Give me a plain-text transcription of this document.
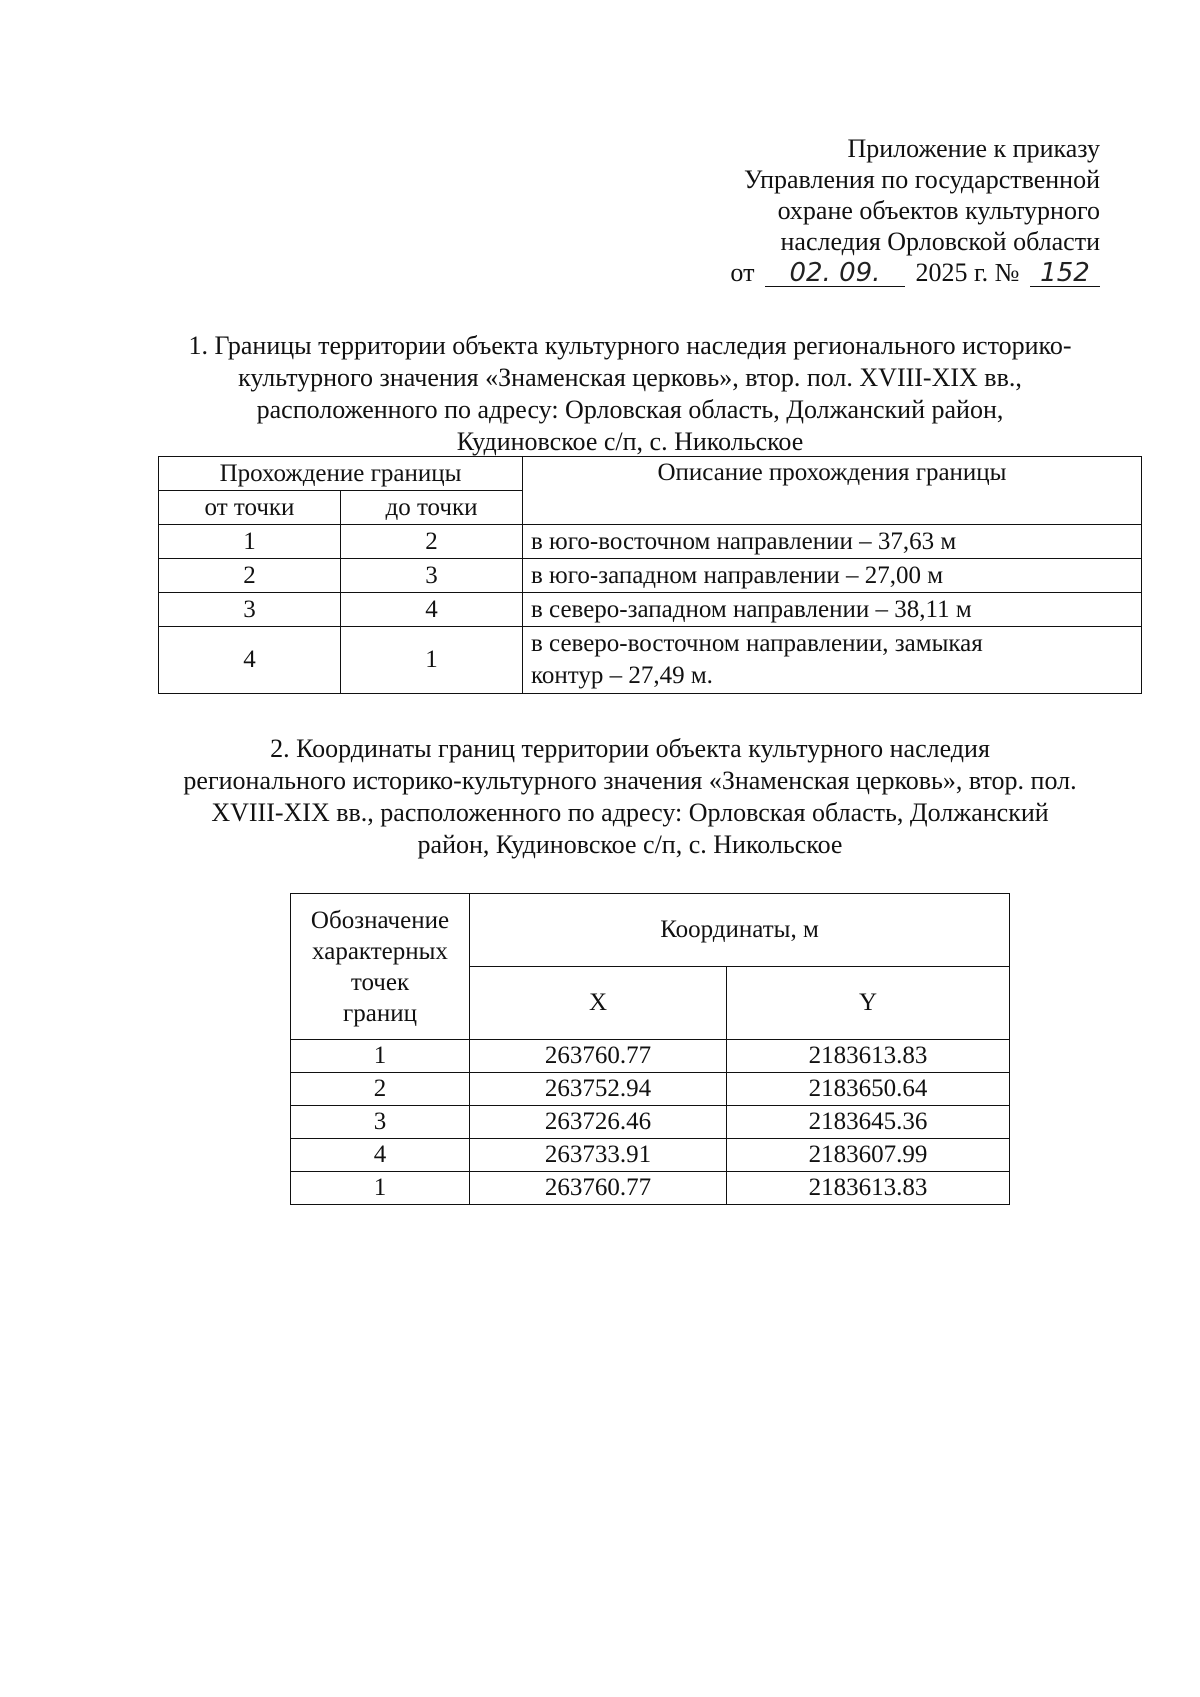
Приложение к приказу
Управления по государственной
охране объектов культурного
наследия Орловской области
от 02. 09. 2025 г. № 152
1. Границы территории объекта культурного наследия регионального историко-
культурного значения «Знаменская церковь», втор. пол. XVIII-XIX вв.,
расположенного по адресу: Орловская область, Должанский район,
Кудиновское с/п, с. Никольское
Прохождение границы		Описание прохождения границы
от точки	до точки	
1	2	в юго-восточном направлении – 37,63 м
2	3	в юго-западном направлении – 27,00 м
3	4	в северо-западном направлении – 38,11 м
4	1	в северо-восточном направлении, замыкая
контур – 27,49 м.
2. Координаты границ территории объекта культурного наследия
регионального историко-культурного значения «Знаменская церковь», втор. пол.
XVIII-XIX вв., расположенного по адресу: Орловская область, Должанский
район, Кудиновское с/п, с. Никольское
Обозначение
характерных
точек
границ	Координаты, м	
	X	Y
1	263760.77	2183613.83
2	263752.94	2183650.64
3	263726.46	2183645.36
4	263733.91	2183607.99
1	263760.77	2183613.83
